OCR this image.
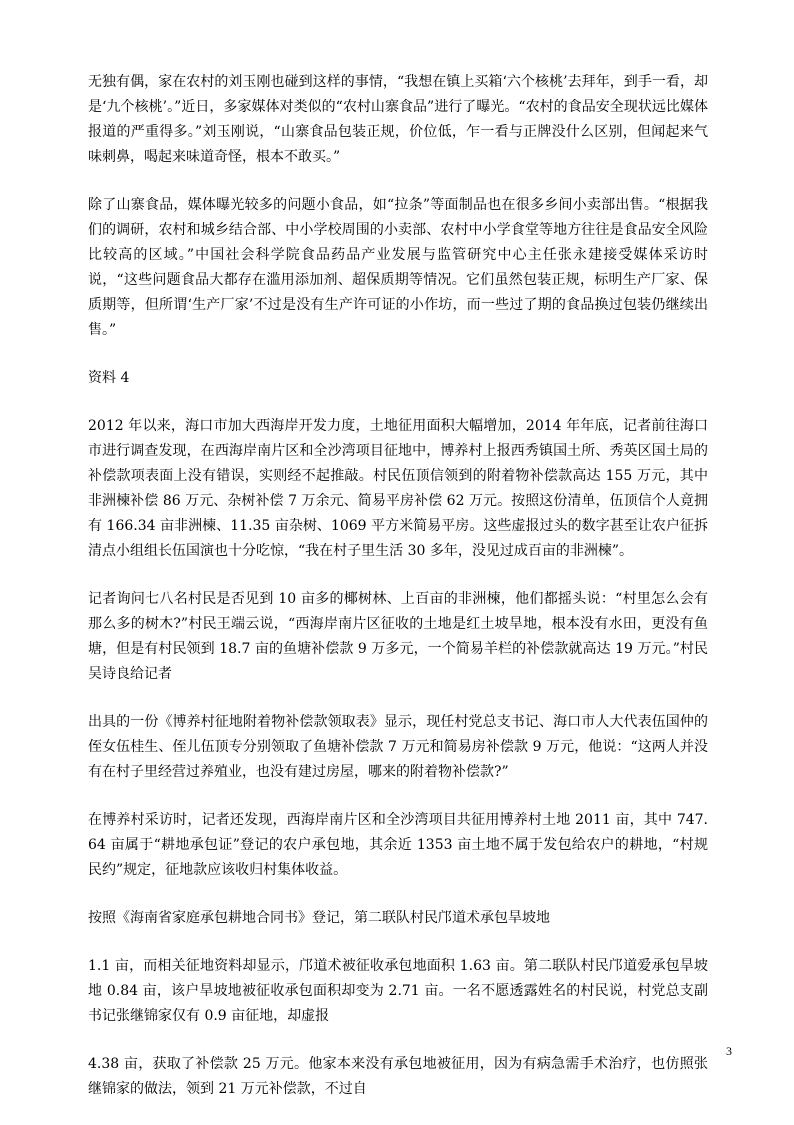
无独有偶，家在农村的刘玉刚也碰到这样的事情，“我想在镇上买箱‘六个核桃’去拜年，到手一看，却是‘九个核桃’。”近日，多家媒体对类似的“农村山寨食品”进行了曝光。“农村的食品安全现状远比媒体报道的严重得多。”刘玉刚说，“山寨食品包装正规，价位低，乍一看与正牌没什么区别，但闻起来气味刺鼻，喝起来味道奇怪，根本不敢买。”

除了山寨食品，媒体曝光较多的问题小食品，如“拉条”等面制品也在很多乡间小卖部出售。“根据我们的调研，农村和城乡结合部、中小学校周围的小卖部、农村中小学食堂等地方往往是食品安全风险比较高的区域。”中国社会科学院食品药品产业发展与监管研究中心主任张永建接受媒体采访时说，“这些问题食品大都存在滥用添加剂、超保质期等情况。它们虽然包装正规，标明生产厂家、保质期等，但所谓‘生产厂家’不过是没有生产许可证的小作坊，而一些过了期的食品换过包装仍继续出售。”

资料 4

2012 年以来，海口市加大西海岸开发力度，土地征用面积大幅增加，2014 年年底，记者前往海口市进行调查发现，在西海岸南片区和全沙湾项目征地中，博养村上报西秀镇国土所、秀英区国土局的补偿款项表面上没有错误，实则经不起推敲。村民伍顶信领到的附着物补偿款高达 155 万元，其中非洲楝补偿 86 万元、杂树补偿 7 万余元、简易平房补偿 62 万元。按照这份清单，伍顶信个人竟拥有 166.34 亩非洲楝、11.35 亩杂树、1069 平方米简易平房。这些虚报过头的数字甚至让农户征拆清点小组组长伍国演也十分吃惊，“我在村子里生活 30 多年，没见过成百亩的非洲楝”。

记者询问七八名村民是否见到 10 亩多的椰树林、上百亩的非洲楝，他们都摇头说：“村里怎么会有那么多的树木?”村民王端云说，“西海岸南片区征收的土地是红土坡旱地，根本没有水田，更没有鱼塘，但是有村民领到 18.7 亩的鱼塘补偿款 9 万多元，一个简易羊栏的补偿款就高达 19 万元。”村民吴诗良给记者

出具的一份《博养村征地附着物补偿款领取表》显示，现任村党总支书记、海口市人大代表伍国仲的侄女伍桂生、侄儿伍顶专分别领取了鱼塘补偿款 7 万元和简易房补偿款 9 万元，他说：“这两人并没有在村子里经营过养殖业，也没有建过房屋，哪来的附着物补偿款?”

在博养村采访时，记者还发现，西海岸南片区和全沙湾项目共征用博养村土地 2011 亩，其中 747.64 亩属于“耕地承包证”登记的农户承包地，其余近 1353 亩土地不属于发包给农户的耕地，“村规民约”规定，征地款应该收归村集体收益。

按照《海南省家庭承包耕地合同书》登记，第二联队村民邝道术承包旱坡地

1.1 亩，而相关征地资料却显示，邝道术被征收承包地面积 1.63 亩。第二联队村民邝道爱承包旱坡地 0.84 亩，该户旱坡地被征收承包面积却变为 2.71 亩。一名不愿透露姓名的村民说，村党总支副书记张继锦家仅有 0.9 亩征地，却虚报

4.38 亩，获取了补偿款 25 万元。他家本来没有承包地被征用，因为有病急需手术治疗，也仿照张继锦家的做法，领到 21 万元补偿款，不过自

3
